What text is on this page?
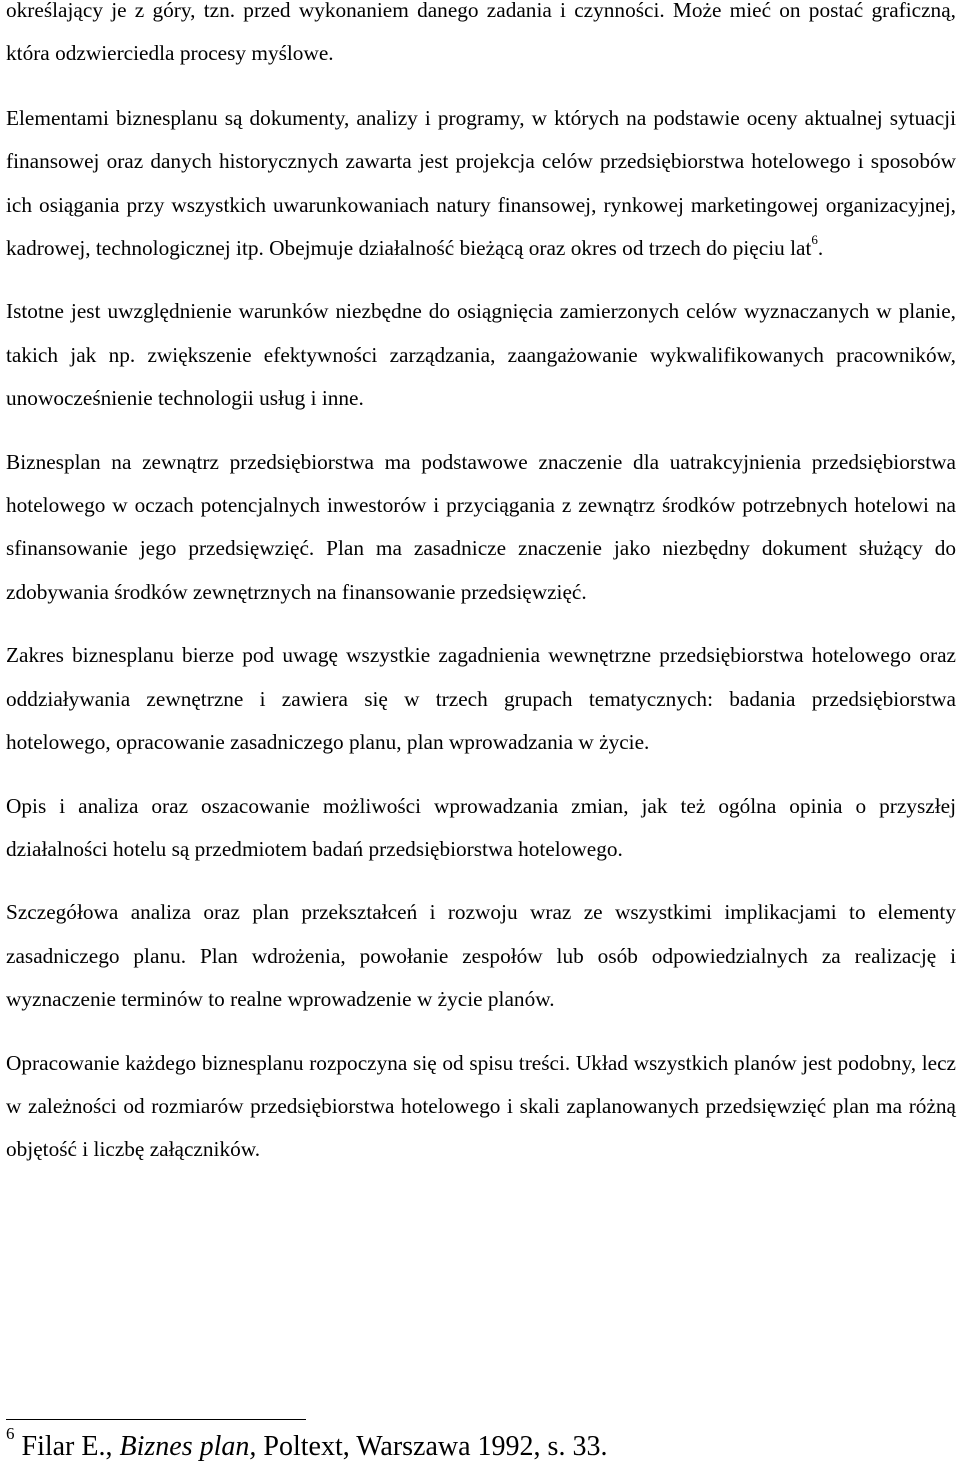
określający je z góry, tzn. przed wykonaniem danego zadania i czynności. Może mieć on postać graficzną, która odzwierciedla procesy myślowe.

Elementami biznesplanu są dokumenty, analizy i programy, w których na podstawie oceny aktualnej sytuacji finansowej oraz danych historycznych zawarta jest projekcja celów przedsiębiorstwa hotelowego i sposobów ich osiągania przy wszystkich uwarunkowaniach natury finansowej, rynkowej marketingowej organizacyjnej, kadrowej, technologicznej itp. Obejmuje działalność bieżącą oraz okres od trzech do pięciu lat$^6$.

Istotne jest uwzględnienie warunków niezbędne do osiągnięcia zamierzonych celów wyznaczanych w planie, takich jak np. zwiększenie efektywności zarządzania, zaangażowanie wykwalifikowanych pracowników, unowocześnienie technologii usług i inne.

Biznesplan na zewnątrz przedsiębiorstwa ma podstawowe znaczenie dla uatrakcyjnienia przedsiębiorstwa hotelowego w oczach potencjalnych inwestorów i przyciągania z zewnątrz środków potrzebnych hotelowi na sfinansowanie jego przedsięwzięć. Plan ma zasadnicze znaczenie jako niezbędny dokument służący do zdobywania środków zewnętrznych na finansowanie przedsięwzięć.

Zakres biznesplanu bierze pod uwagę wszystkie zagadnienia wewnętrzne przedsiębiorstwa hotelowego oraz oddziaływania zewnętrzne i zawiera się w trzech grupach tematycznych: badania przedsiębiorstwa hotelowego, opracowanie zasadniczego planu, plan wprowadzania w życie.

Opis i analiza oraz oszacowanie możliwości wprowadzania zmian, jak też ogólna opinia o przyszłej działalności hotelu są przedmiotem badań przedsiębiorstwa hotelowego.

Szczegółowa analiza oraz plan przekształceń i rozwoju wraz ze wszystkimi implikacjami to elementy zasadniczego planu. Plan wdrożenia, powołanie zespołów lub osób odpowiedzialnych za realizację i wyznaczenie terminów to realne wprowadzenie w życie planów.

Opracowanie każdego biznesplanu rozpoczyna się od spisu treści. Układ wszystkich planów jest podobny, lecz w zależności od rozmiarów przedsiębiorstwa hotelowego i skali zaplanowanych przedsięwzięć plan ma różną objętość i liczbę załączników.

$^6$ Filar E., Biznes plan, Poltext, Warszawa 1992, s. 33.
